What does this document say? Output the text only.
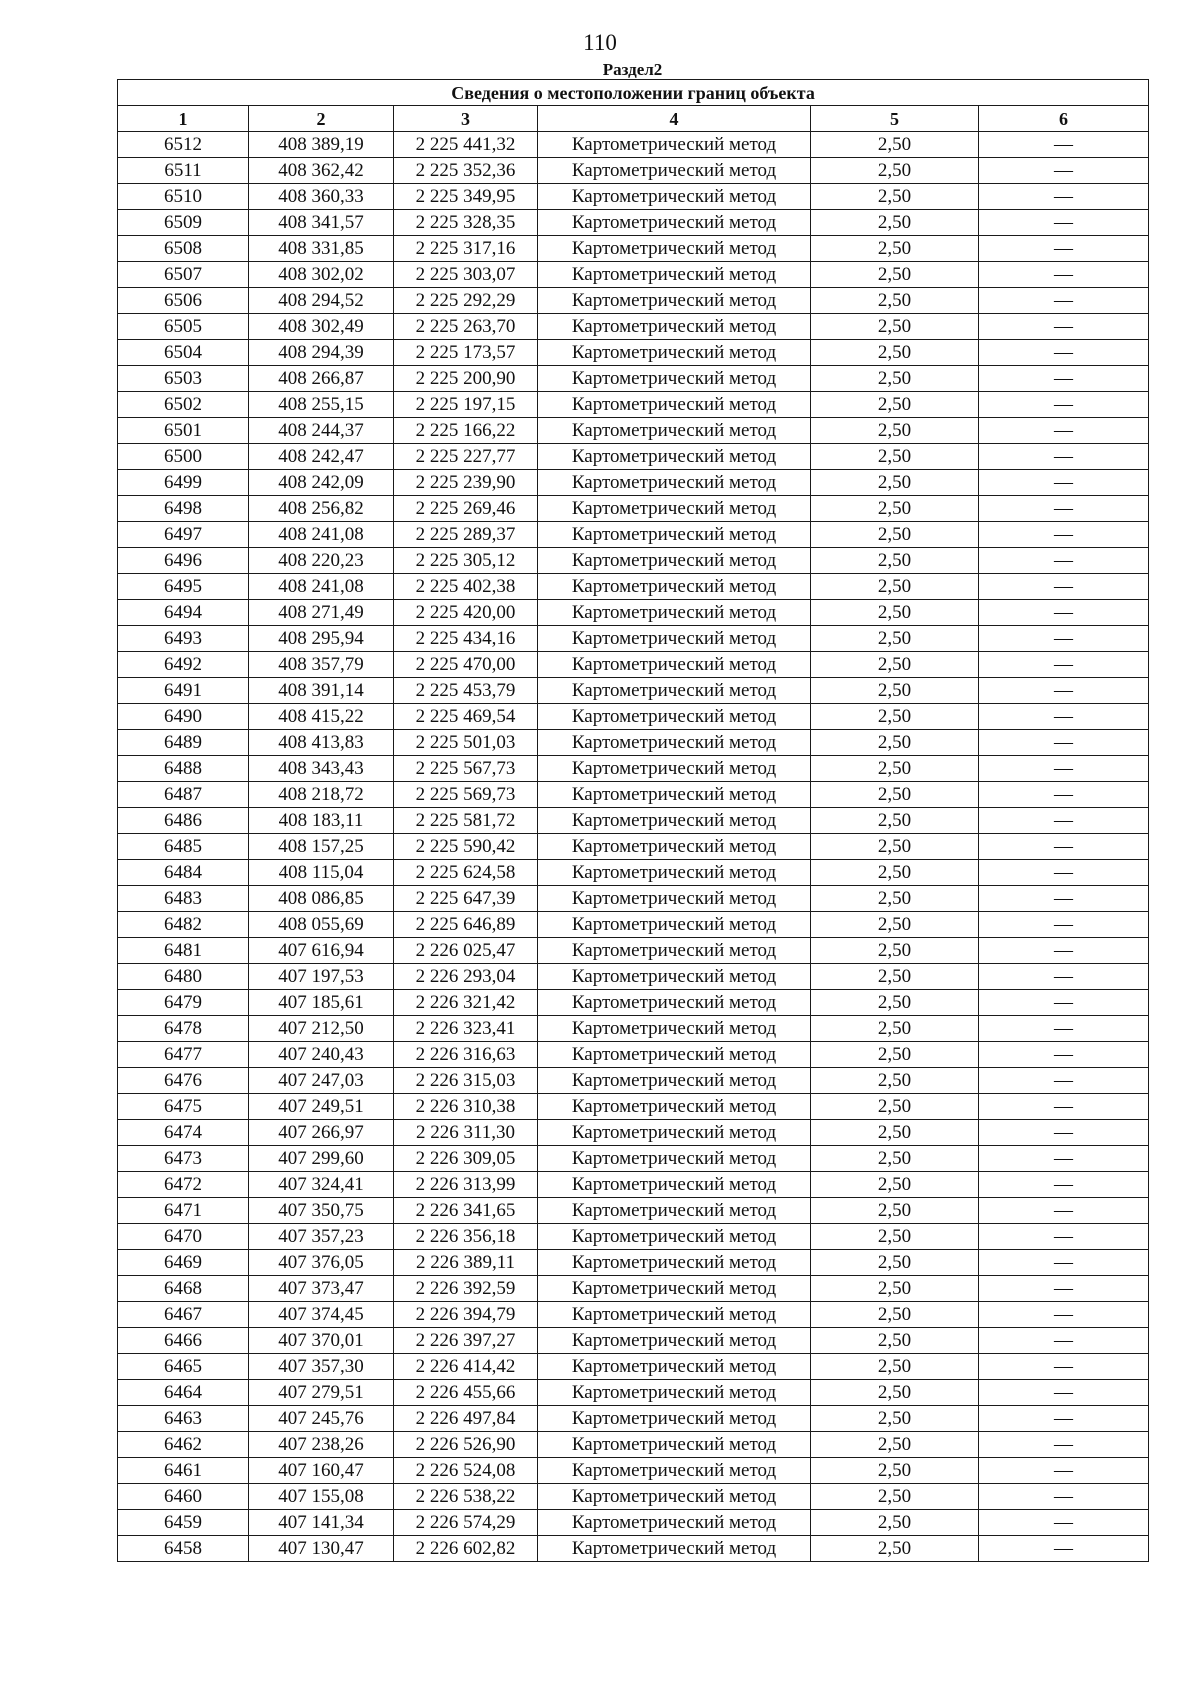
110
Раздел2
Сведения о местоположении границ объекта					
1	2	3	4	5	6
6512	408 389,19	2 225 441,32	Картометрический метод	2,50	—
6511	408 362,42	2 225 352,36	Картометрический метод	2,50	—
6510	408 360,33	2 225 349,95	Картометрический метод	2,50	—
6509	408 341,57	2 225 328,35	Картометрический метод	2,50	—
6508	408 331,85	2 225 317,16	Картометрический метод	2,50	—
6507	408 302,02	2 225 303,07	Картометрический метод	2,50	—
6506	408 294,52	2 225 292,29	Картометрический метод	2,50	—
6505	408 302,49	2 225 263,70	Картометрический метод	2,50	—
6504	408 294,39	2 225 173,57	Картометрический метод	2,50	—
6503	408 266,87	2 225 200,90	Картометрический метод	2,50	—
6502	408 255,15	2 225 197,15	Картометрический метод	2,50	—
6501	408 244,37	2 225 166,22	Картометрический метод	2,50	—
6500	408 242,47	2 225 227,77	Картометрический метод	2,50	—
6499	408 242,09	2 225 239,90	Картометрический метод	2,50	—
6498	408 256,82	2 225 269,46	Картометрический метод	2,50	—
6497	408 241,08	2 225 289,37	Картометрический метод	2,50	—
6496	408 220,23	2 225 305,12	Картометрический метод	2,50	—
6495	408 241,08	2 225 402,38	Картометрический метод	2,50	—
6494	408 271,49	2 225 420,00	Картометрический метод	2,50	—
6493	408 295,94	2 225 434,16	Картометрический метод	2,50	—
6492	408 357,79	2 225 470,00	Картометрический метод	2,50	—
6491	408 391,14	2 225 453,79	Картометрический метод	2,50	—
6490	408 415,22	2 225 469,54	Картометрический метод	2,50	—
6489	408 413,83	2 225 501,03	Картометрический метод	2,50	—
6488	408 343,43	2 225 567,73	Картометрический метод	2,50	—
6487	408 218,72	2 225 569,73	Картометрический метод	2,50	—
6486	408 183,11	2 225 581,72	Картометрический метод	2,50	—
6485	408 157,25	2 225 590,42	Картометрический метод	2,50	—
6484	408 115,04	2 225 624,58	Картометрический метод	2,50	—
6483	408 086,85	2 225 647,39	Картометрический метод	2,50	—
6482	408 055,69	2 225 646,89	Картометрический метод	2,50	—
6481	407 616,94	2 226 025,47	Картометрический метод	2,50	—
6480	407 197,53	2 226 293,04	Картометрический метод	2,50	—
6479	407 185,61	2 226 321,42	Картометрический метод	2,50	—
6478	407 212,50	2 226 323,41	Картометрический метод	2,50	—
6477	407 240,43	2 226 316,63	Картометрический метод	2,50	—
6476	407 247,03	2 226 315,03	Картометрический метод	2,50	—
6475	407 249,51	2 226 310,38	Картометрический метод	2,50	—
6474	407 266,97	2 226 311,30	Картометрический метод	2,50	—
6473	407 299,60	2 226 309,05	Картометрический метод	2,50	—
6472	407 324,41	2 226 313,99	Картометрический метод	2,50	—
6471	407 350,75	2 226 341,65	Картометрический метод	2,50	—
6470	407 357,23	2 226 356,18	Картометрический метод	2,50	—
6469	407 376,05	2 226 389,11	Картометрический метод	2,50	—
6468	407 373,47	2 226 392,59	Картометрический метод	2,50	—
6467	407 374,45	2 226 394,79	Картометрический метод	2,50	—
6466	407 370,01	2 226 397,27	Картометрический метод	2,50	—
6465	407 357,30	2 226 414,42	Картометрический метод	2,50	—
6464	407 279,51	2 226 455,66	Картометрический метод	2,50	—
6463	407 245,76	2 226 497,84	Картометрический метод	2,50	—
6462	407 238,26	2 226 526,90	Картометрический метод	2,50	—
6461	407 160,47	2 226 524,08	Картометрический метод	2,50	—
6460	407 155,08	2 226 538,22	Картометрический метод	2,50	—
6459	407 141,34	2 226 574,29	Картометрический метод	2,50	—
6458	407 130,47	2 226 602,82	Картометрический метод	2,50	—
